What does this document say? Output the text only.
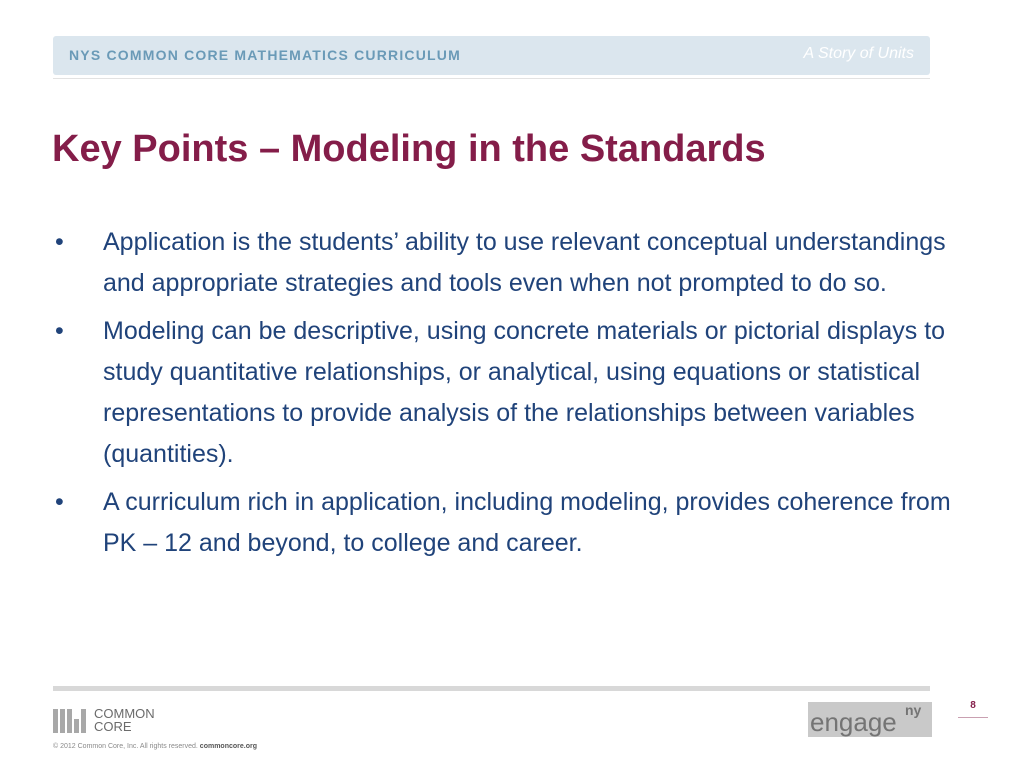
NYS COMMON CORE MATHEMATICS CURRICULUM	A Story of Units
Key Points – Modeling in the Standards
• Application is the students’ ability to use relevant conceptual understandings and appropriate strategies and tools even when not prompted to do so.
• Modeling can be descriptive, using concrete materials or pictorial displays to study quantitative relationships, or analytical, using equations or statistical representations to provide analysis of the relationships between variables (quantities).
• A curriculum rich in application, including modeling, provides coherence from PK – 12 and beyond, to college and career.
COMMON
CORE
© 2012 Common Core, Inc. All rights reserved. commoncore.org
engage ny	8
